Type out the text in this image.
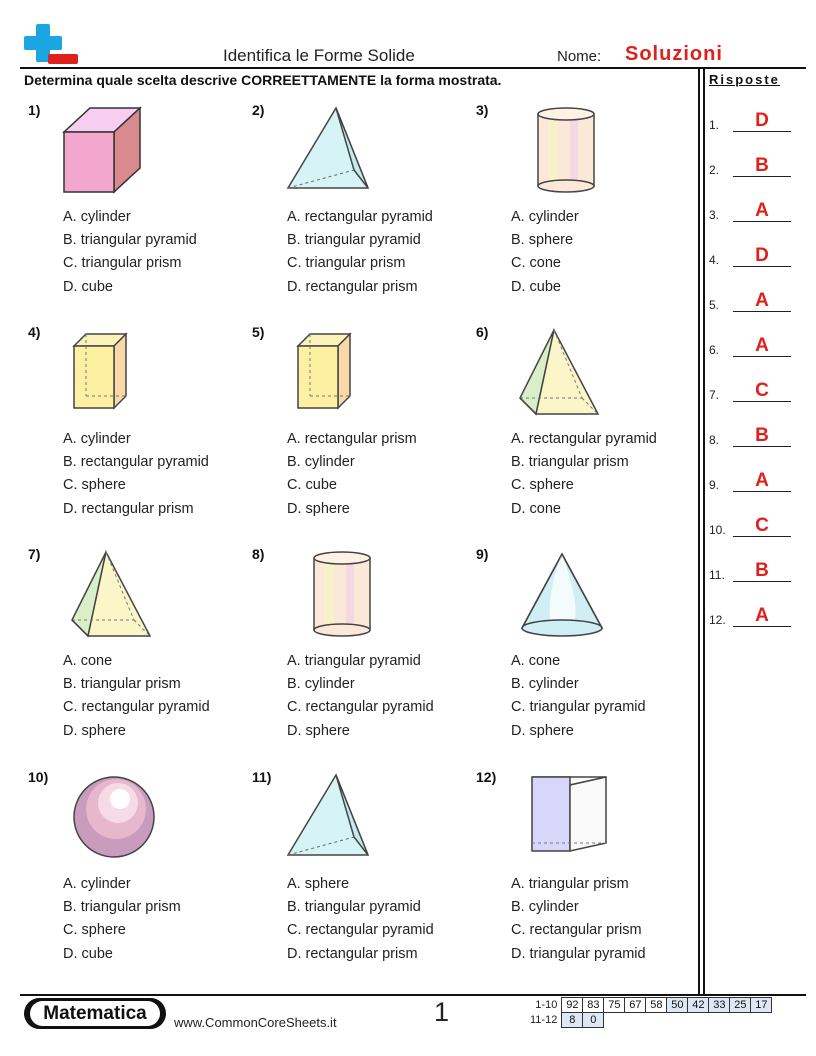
Identifica le Forme Solide	Nome: Soluzioni
Determina quale scelta descrive CORREETTAMENTE la forma mostrata.	Risposte
1.	D
2.	B
3.	A
4.	D
5.	A
6.	A
7.	C
8.	B
9.	A
10.	C
11.	B
12.	A
1)
A. cylinder
B. triangular pyramid
C. triangular prism
D. cube
2)
A. rectangular pyramid
B. triangular pyramid
C. triangular prism
D. rectangular prism
3)
A. cylinder
B. sphere
C. cone
D. cube
4)
A. cylinder
B. rectangular pyramid
C. sphere
D. rectangular prism
5)
A. rectangular prism
B. cylinder
C. cube
D. sphere
6)
A. rectangular pyramid
B. triangular prism
C. sphere
D. cone
7)
A. cone
B. triangular prism
C. rectangular pyramid
D. sphere
8)
A. triangular pyramid
B. cylinder
C. rectangular pyramid
D. sphere
9)
A. cone
B. cylinder
C. triangular pyramid
D. sphere
10)
A. cylinder
B. triangular prism
C. sphere
D. cube
11)
A. sphere
B. triangular pyramid
C. rectangular pyramid
D. rectangular prism
12)
A. triangular prism
B. cylinder
C. rectangular prism
D. triangular pyramid
Matematica	www.CommonCoreSheets.it	1	1-10	92	83	75	67	58	50	42	33	25	17
11-12	8	0								
